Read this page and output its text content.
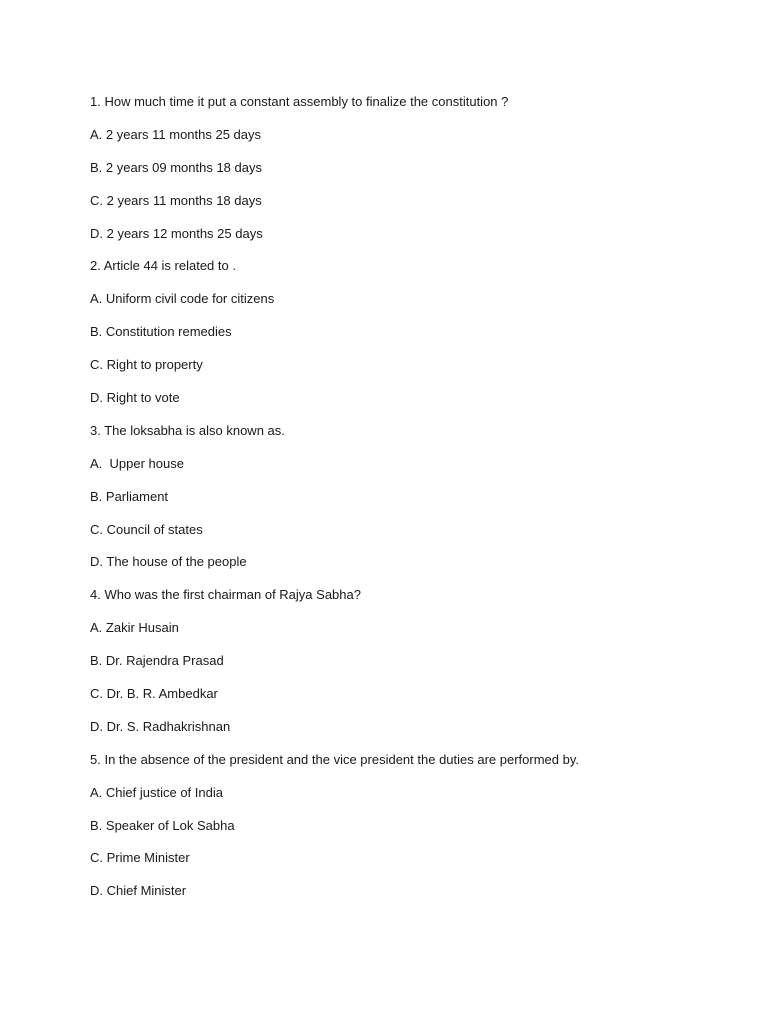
1. How much time it put a constant assembly to finalize the constitution ?
A. 2 years 11 months 25 days
B. 2 years 09 months 18 days
C. 2 years 11 months 18 days
D. 2 years 12 months 25 days
2. Article 44 is related to .
A. Uniform civil code for citizens
B. Constitution remedies
C. Right to property
D. Right to vote
3. The loksabha is also known as.
A.  Upper house
B. Parliament
C. Council of states
D. The house of the people
4. Who was the first chairman of Rajya Sabha?
A. Zakir Husain
B. Dr. Rajendra Prasad
C. Dr. B. R. Ambedkar
D. Dr. S. Radhakrishnan
5. In the absence of the president and the vice president the duties are performed by.
A. Chief justice of India
B. Speaker of Lok Sabha
C. Prime Minister
D. Chief Minister
